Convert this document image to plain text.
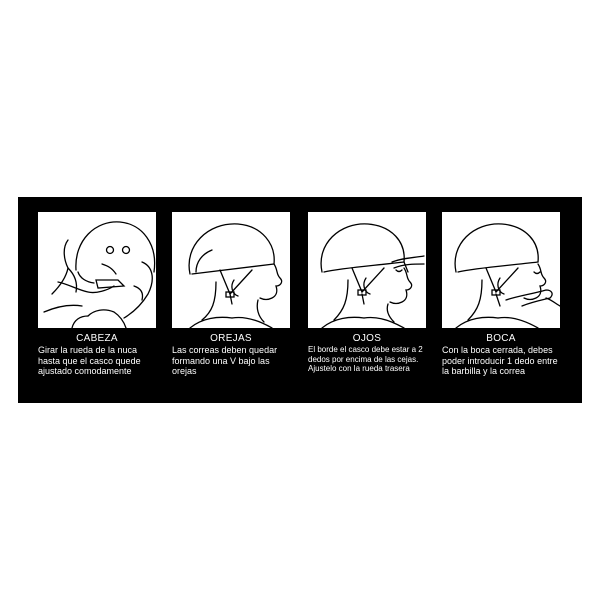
CABEZA
Girar la rueda de la nuca hasta que el casco quede ajustado comodamente
OREJAS
Las correas deben quedar formando una V bajo las orejas
OJOS
El borde el casco debe estar a 2 dedos por encima de las cejas. Ajustelo con la rueda trasera
BOCA
Con la boca cerrada, debes poder introducir 1 dedo entre la barbilla y la correa
